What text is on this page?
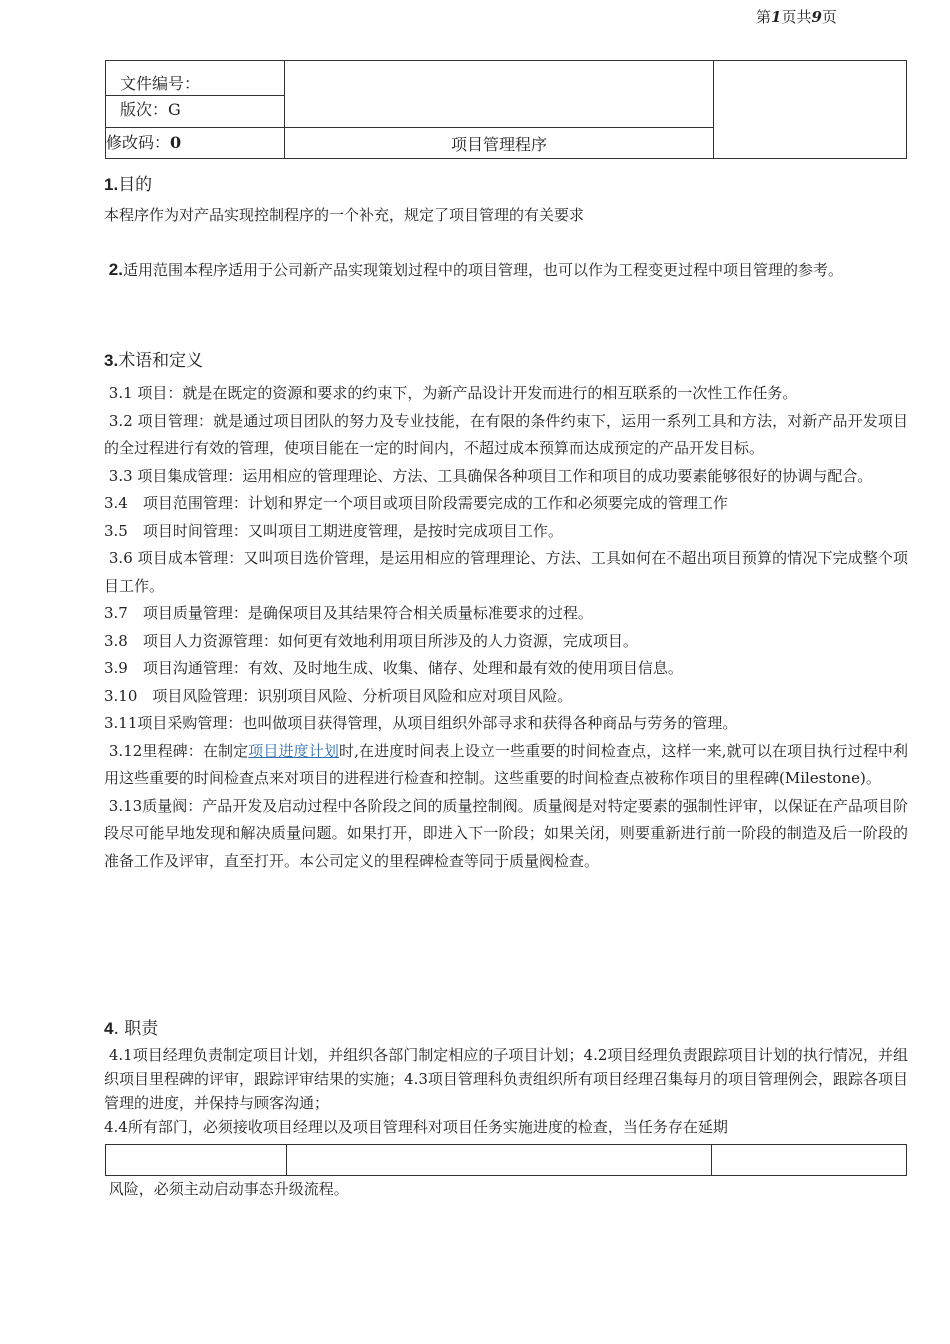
第1页共9页
文件编号：
版次：G		

修改码：0	项目管理程序	
1.目的
本程序作为对产品实现控制程序的一个补充，规定了项目管理的有关要求
2.适用范围本程序适用于公司新产品实现策划过程中的项目管理，也可以作为工程变更过程中项目管理的参考。
3.术语和定义
3.1 项目：就是在既定的资源和要求的约束下，为新产品设计开发而进行的相互联系的一次性工作任务。
3.2 项目管理：就是通过项目团队的努力及专业技能，在有限的条件约束下，运用一系列工具和方法，对新产品开发项目的全过程进行有效的管理，使项目能在一定的时间内，不超过成本预算而达成预定的产品开发目标。
3.3 项目集成管理：运用相应的管理理论、方法、工具确保各种项目工作和项目的成功要素能够很好的协调与配合。
3.4　项目范围管理：计划和界定一个项目或项目阶段需要完成的工作和必须要完成的管理工作
3.5　项目时间管理：又叫项目工期进度管理，是按时完成项目工作。
3.6 项目成本管理：又叫项目选价管理，是运用相应的管理理论、方法、工具如何在不超出项目预算的情况下完成整个项目工作。
3.7　项目质量管理：是确保项目及其结果符合相关质量标准要求的过程。
3.8　项目人力资源管理：如何更有效地利用项目所涉及的人力资源，完成项目。
3.9　项目沟通管理：有效、及时地生成、收集、储存、处理和最有效的使用项目信息。
3.10　项目风险管理：识别项目风险、分析项目风险和应对项目风险。
3.11项目采购管理：也叫做项目获得管理，从项目组织外部寻求和获得各种商品与劳务的管理。
3.12里程碑：在制定项目进度计划时,在进度时间表上设立一些重要的时间检查点，这样一来,就可以在项目执行过程中利用这些重要的时间检查点来对项目的进程进行检查和控制。这些重要的时间检查点被称作项目的里程碑(Milestone)。
3.13质量阀：产品开发及启动过程中各阶段之间的质量控制阀。质量阀是对特定要素的强制性评审，以保证在产品项目阶段尽可能早地发现和解决质量问题。如果打开，即进入下一阶段；如果关闭，则要重新进行前一阶段的制造及后一阶段的准备工作及评审，直至打开。本公司定义的里程碑检查等同于质量阀检查。
4. 职责
4.1项目经理负责制定项目计划，并组织各部门制定相应的子项目计划；4.2项目经理负责跟踪项目计划的执行情况，并组织项目里程碑的评审，跟踪评审结果的实施；4.3项目管理科负责组织所有项目经理召集每月的项目管理例会，跟踪各项目管理的进度，并保持与顾客沟通；
4.4所有部门，必须接收项目经理以及项目管理科对项目任务实施进度的检查，当任务存在延期

风险，必须主动启动事态升级流程。
